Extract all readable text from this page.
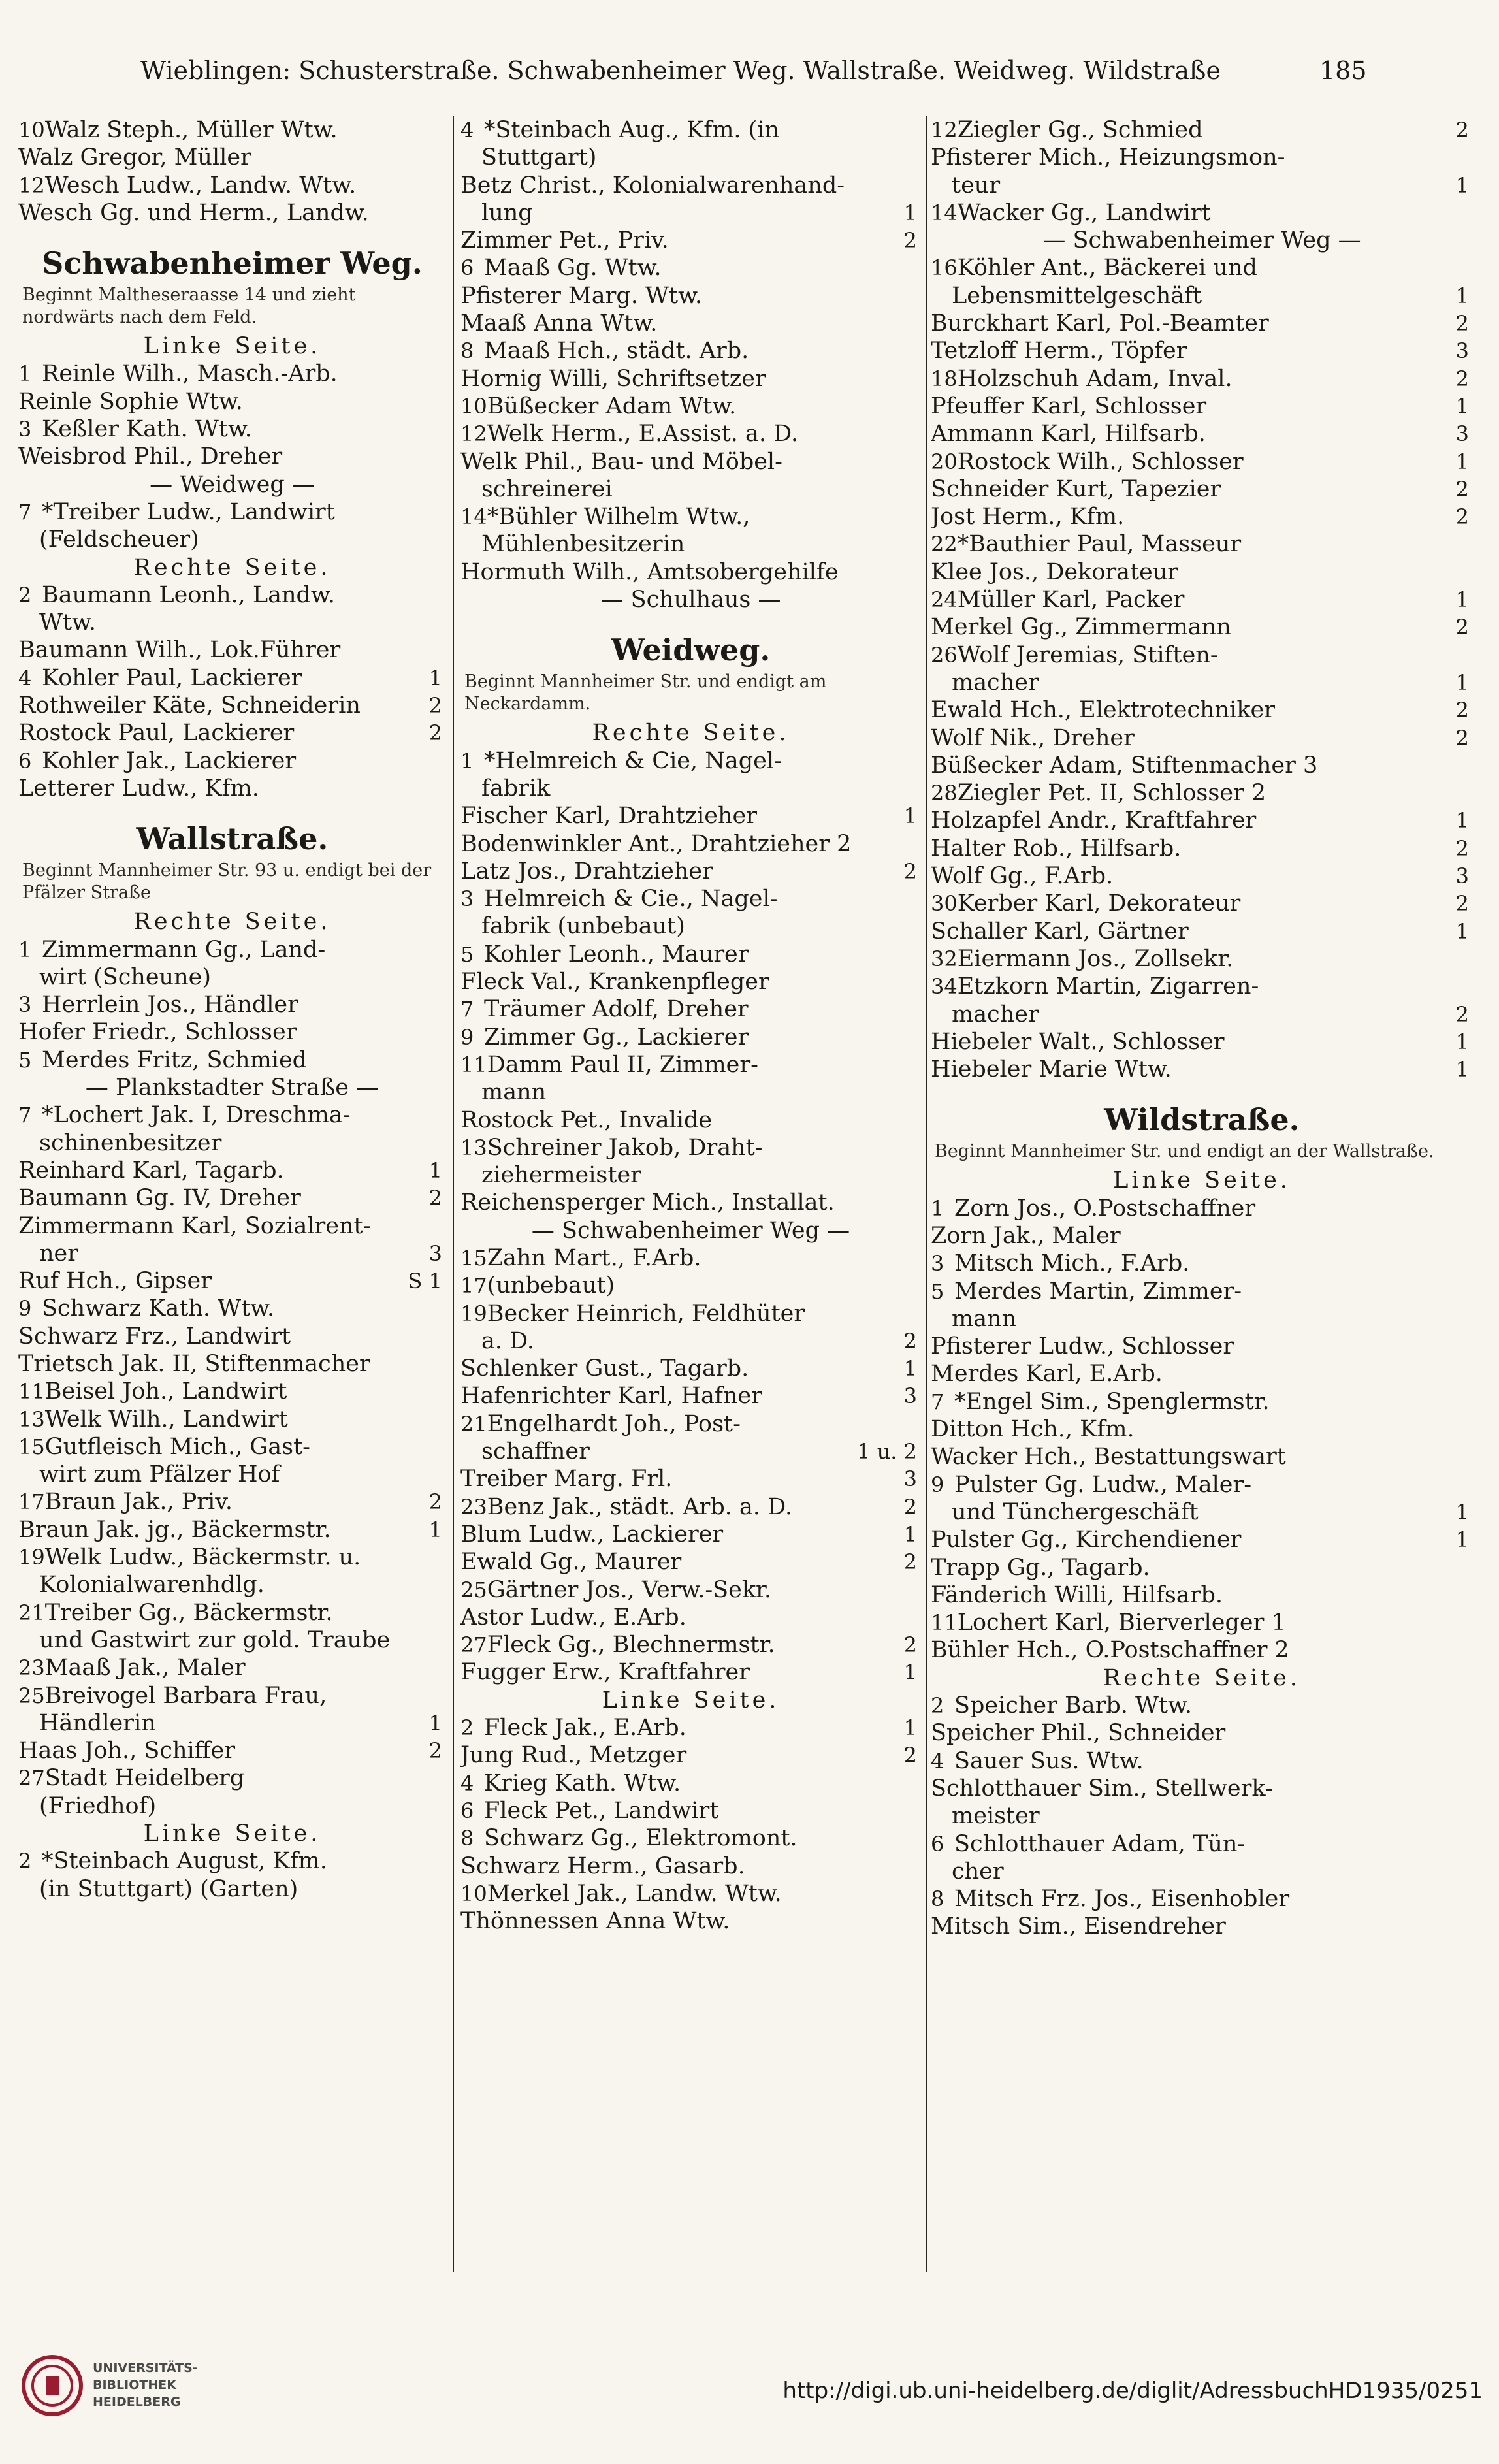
Wieblingen: Schusterstraße. Schwabenheimer Weg. Wallstraße. Weidweg. Wildstraße	185
10Walz Steph., Müller Wtw.
Walz Gregor, Müller
12Wesch Ludw., Landw. Wtw.
Wesch Gg. und Herm., Landw.
Schwabenheimer Weg.
Beginnt Maltheseraasse 14 und zieht nordwärts nach dem Feld.
Linke Seite.
1 Reinle Wilh., Masch.-Arb.
Reinle Sophie Wtw.
3 Keßler Kath. Wtw.
Weisbrod Phil., Dreher
— Weidweg —
7 *Treiber Ludw., Landwirt
(Feldscheuer)
Rechte Seite.
2 Baumann Leonh., Landw.
Wtw.
Baumann Wilh., Lok.Führer
4 Kohler Paul, Lackierer	1
Rothweiler Käte, Schneiderin	2
Rostock Paul, Lackierer	2
6 Kohler Jak., Lackierer
Letterer Ludw., Kfm.
Wallstraße.
Beginnt Mannheimer Str. 93 u. endigt bei der Pfälzer Straße
Rechte Seite.
1 Zimmermann Gg., Land-
wirt (Scheune)
3 Herrlein Jos., Händler
Hofer Friedr., Schlosser
5 Merdes Fritz, Schmied
— Plankstadter Straße —
7 *Lochert Jak. I, Dreschma-
schinenbesitzer
Reinhard Karl, Tagarb.	1
Baumann Gg. IV, Dreher	2
Zimmermann Karl, Sozialrent-
ner	3
Ruf Hch., Gipser	S 1
9 Schwarz Kath. Wtw.
Schwarz Frz., Landwirt
Trietsch Jak. II, Stiftenmacher
11Beisel Joh., Landwirt
13Welk Wilh., Landwirt
15Gutfleisch Mich., Gast-
wirt zum Pfälzer Hof
17Braun Jak., Priv.	2
Braun Jak. jg., Bäckermstr.	1
19Welk Ludw., Bäckermstr. u.
Kolonialwarenhdlg.
21Treiber Gg., Bäckermstr.
und Gastwirt zur gold. Traube
23Maaß Jak., Maler
25Breivogel Barbara Frau,
Händlerin	1
Haas Joh., Schiffer	2
27Stadt Heidelberg
(Friedhof)
Linke Seite.
2 *Steinbach August, Kfm.
(in Stuttgart) (Garten)
4 *Steinbach Aug., Kfm. (in
Stuttgart)
Betz Christ., Kolonialwarenhand-
lung	1
Zimmer Pet., Priv.	2
6 Maaß Gg. Wtw.
Pfisterer Marg. Wtw.
Maaß Anna Wtw.
8 Maaß Hch., städt. Arb.
Hornig Willi, Schriftsetzer
10Büßecker Adam Wtw.
12Welk Herm., E.Assist. a. D.
Welk Phil., Bau- und Möbel-
schreinerei
14*Bühler Wilhelm Wtw.,
Mühlenbesitzerin
Hormuth Wilh., Amtsobergehilfe
— Schulhaus —
Weidweg.
Beginnt Mannheimer Str. und endigt am Neckardamm.
Rechte Seite.
1 *Helmreich & Cie, Nagel-
fabrik
Fischer Karl, Drahtzieher	1
Bodenwinkler Ant., Drahtzieher 2
Latz Jos., Drahtzieher	2
3 Helmreich & Cie., Nagel-
fabrik (unbebaut)
5 Kohler Leonh., Maurer
Fleck Val., Krankenpfleger
7 Träumer Adolf, Dreher
9 Zimmer Gg., Lackierer
11Damm Paul II, Zimmer-
mann
Rostock Pet., Invalide
13Schreiner Jakob, Draht-
ziehermeister
Reichensperger Mich., Installat.
— Schwabenheimer Weg —
15Zahn Mart., F.Arb.
17(unbebaut)
19Becker Heinrich, Feldhüter
a. D.	2
Schlenker Gust., Tagarb.	1
Hafenrichter Karl, Hafner	3
21Engelhardt Joh., Post-
schaffner	1 u. 2
Treiber Marg. Frl.	3
23Benz Jak., städt. Arb. a. D.	2
Blum Ludw., Lackierer	1
Ewald Gg., Maurer	2
25Gärtner Jos., Verw.-Sekr.
Astor Ludw., E.Arb.
27Fleck Gg., Blechnermstr.	2
Fugger Erw., Kraftfahrer	1
Linke Seite.
2 Fleck Jak., E.Arb.	1
Jung Rud., Metzger	2
4 Krieg Kath. Wtw.
6 Fleck Pet., Landwirt
8 Schwarz Gg., Elektromont.
Schwarz Herm., Gasarb.
10Merkel Jak., Landw. Wtw.
Thönnessen Anna Wtw.
12Ziegler Gg., Schmied	2
Pfisterer Mich., Heizungsmon-
teur	1
14Wacker Gg., Landwirt
— Schwabenheimer Weg —
16Köhler Ant., Bäckerei und
Lebensmittelgeschäft	1
Burckhart Karl, Pol.-Beamter	2
Tetzloff Herm., Töpfer	3
18Holzschuh Adam, Inval.	2
Pfeuffer Karl, Schlosser	1
Ammann Karl, Hilfsarb.	3
20Rostock Wilh., Schlosser	1
Schneider Kurt, Tapezier	2
Jost Herm., Kfm.	2
22*Bauthier Paul, Masseur
Klee Jos., Dekorateur
24Müller Karl, Packer	1
Merkel Gg., Zimmermann	2
26Wolf Jeremias, Stiften-
macher	1
Ewald Hch., Elektrotechniker	2
Wolf Nik., Dreher	2
Büßecker Adam, Stiftenmacher 3
28Ziegler Pet. II, Schlosser 2
Holzapfel Andr., Kraftfahrer	1
Halter Rob., Hilfsarb.	2
Wolf Gg., F.Arb.	3
30Kerber Karl, Dekorateur	2
Schaller Karl, Gärtner	1
32Eiermann Jos., Zollsekr.
34Etzkorn Martin, Zigarren-
macher	2
Hiebeler Walt., Schlosser	1
Hiebeler Marie Wtw.	1
Wildstraße.
Beginnt Mannheimer Str. und endigt an der Wallstraße.
Linke Seite.
1 Zorn Jos., O.Postschaffner
Zorn Jak., Maler
3 Mitsch Mich., F.Arb.
5 Merdes Martin, Zimmer-
mann
Pfisterer Ludw., Schlosser
Merdes Karl, E.Arb.
7 *Engel Sim., Spenglermstr.
Ditton Hch., Kfm.
Wacker Hch., Bestattungswart
9 Pulster Gg. Ludw., Maler-
und Tünchergeschäft	1
Pulster Gg., Kirchendiener	1
Trapp Gg., Tagarb.
Fänderich Willi, Hilfsarb.
11Lochert Karl, Bierverleger 1
Bühler Hch., O.Postschaffner 2
Rechte Seite.
2 Speicher Barb. Wtw.
Speicher Phil., Schneider
4 Sauer Sus. Wtw.
Schlotthauer Sim., Stellwerk-
meister
6 Schlotthauer Adam, Tün-
cher
8 Mitsch Frz. Jos., Eisenhobler
Mitsch Sim., Eisendreher
UNIVERSITÄTS-
BIBLIOTHEK
HEIDELBERG	http://digi.ub.uni-heidelberg.de/diglit/AdressbuchHD1935/0251
